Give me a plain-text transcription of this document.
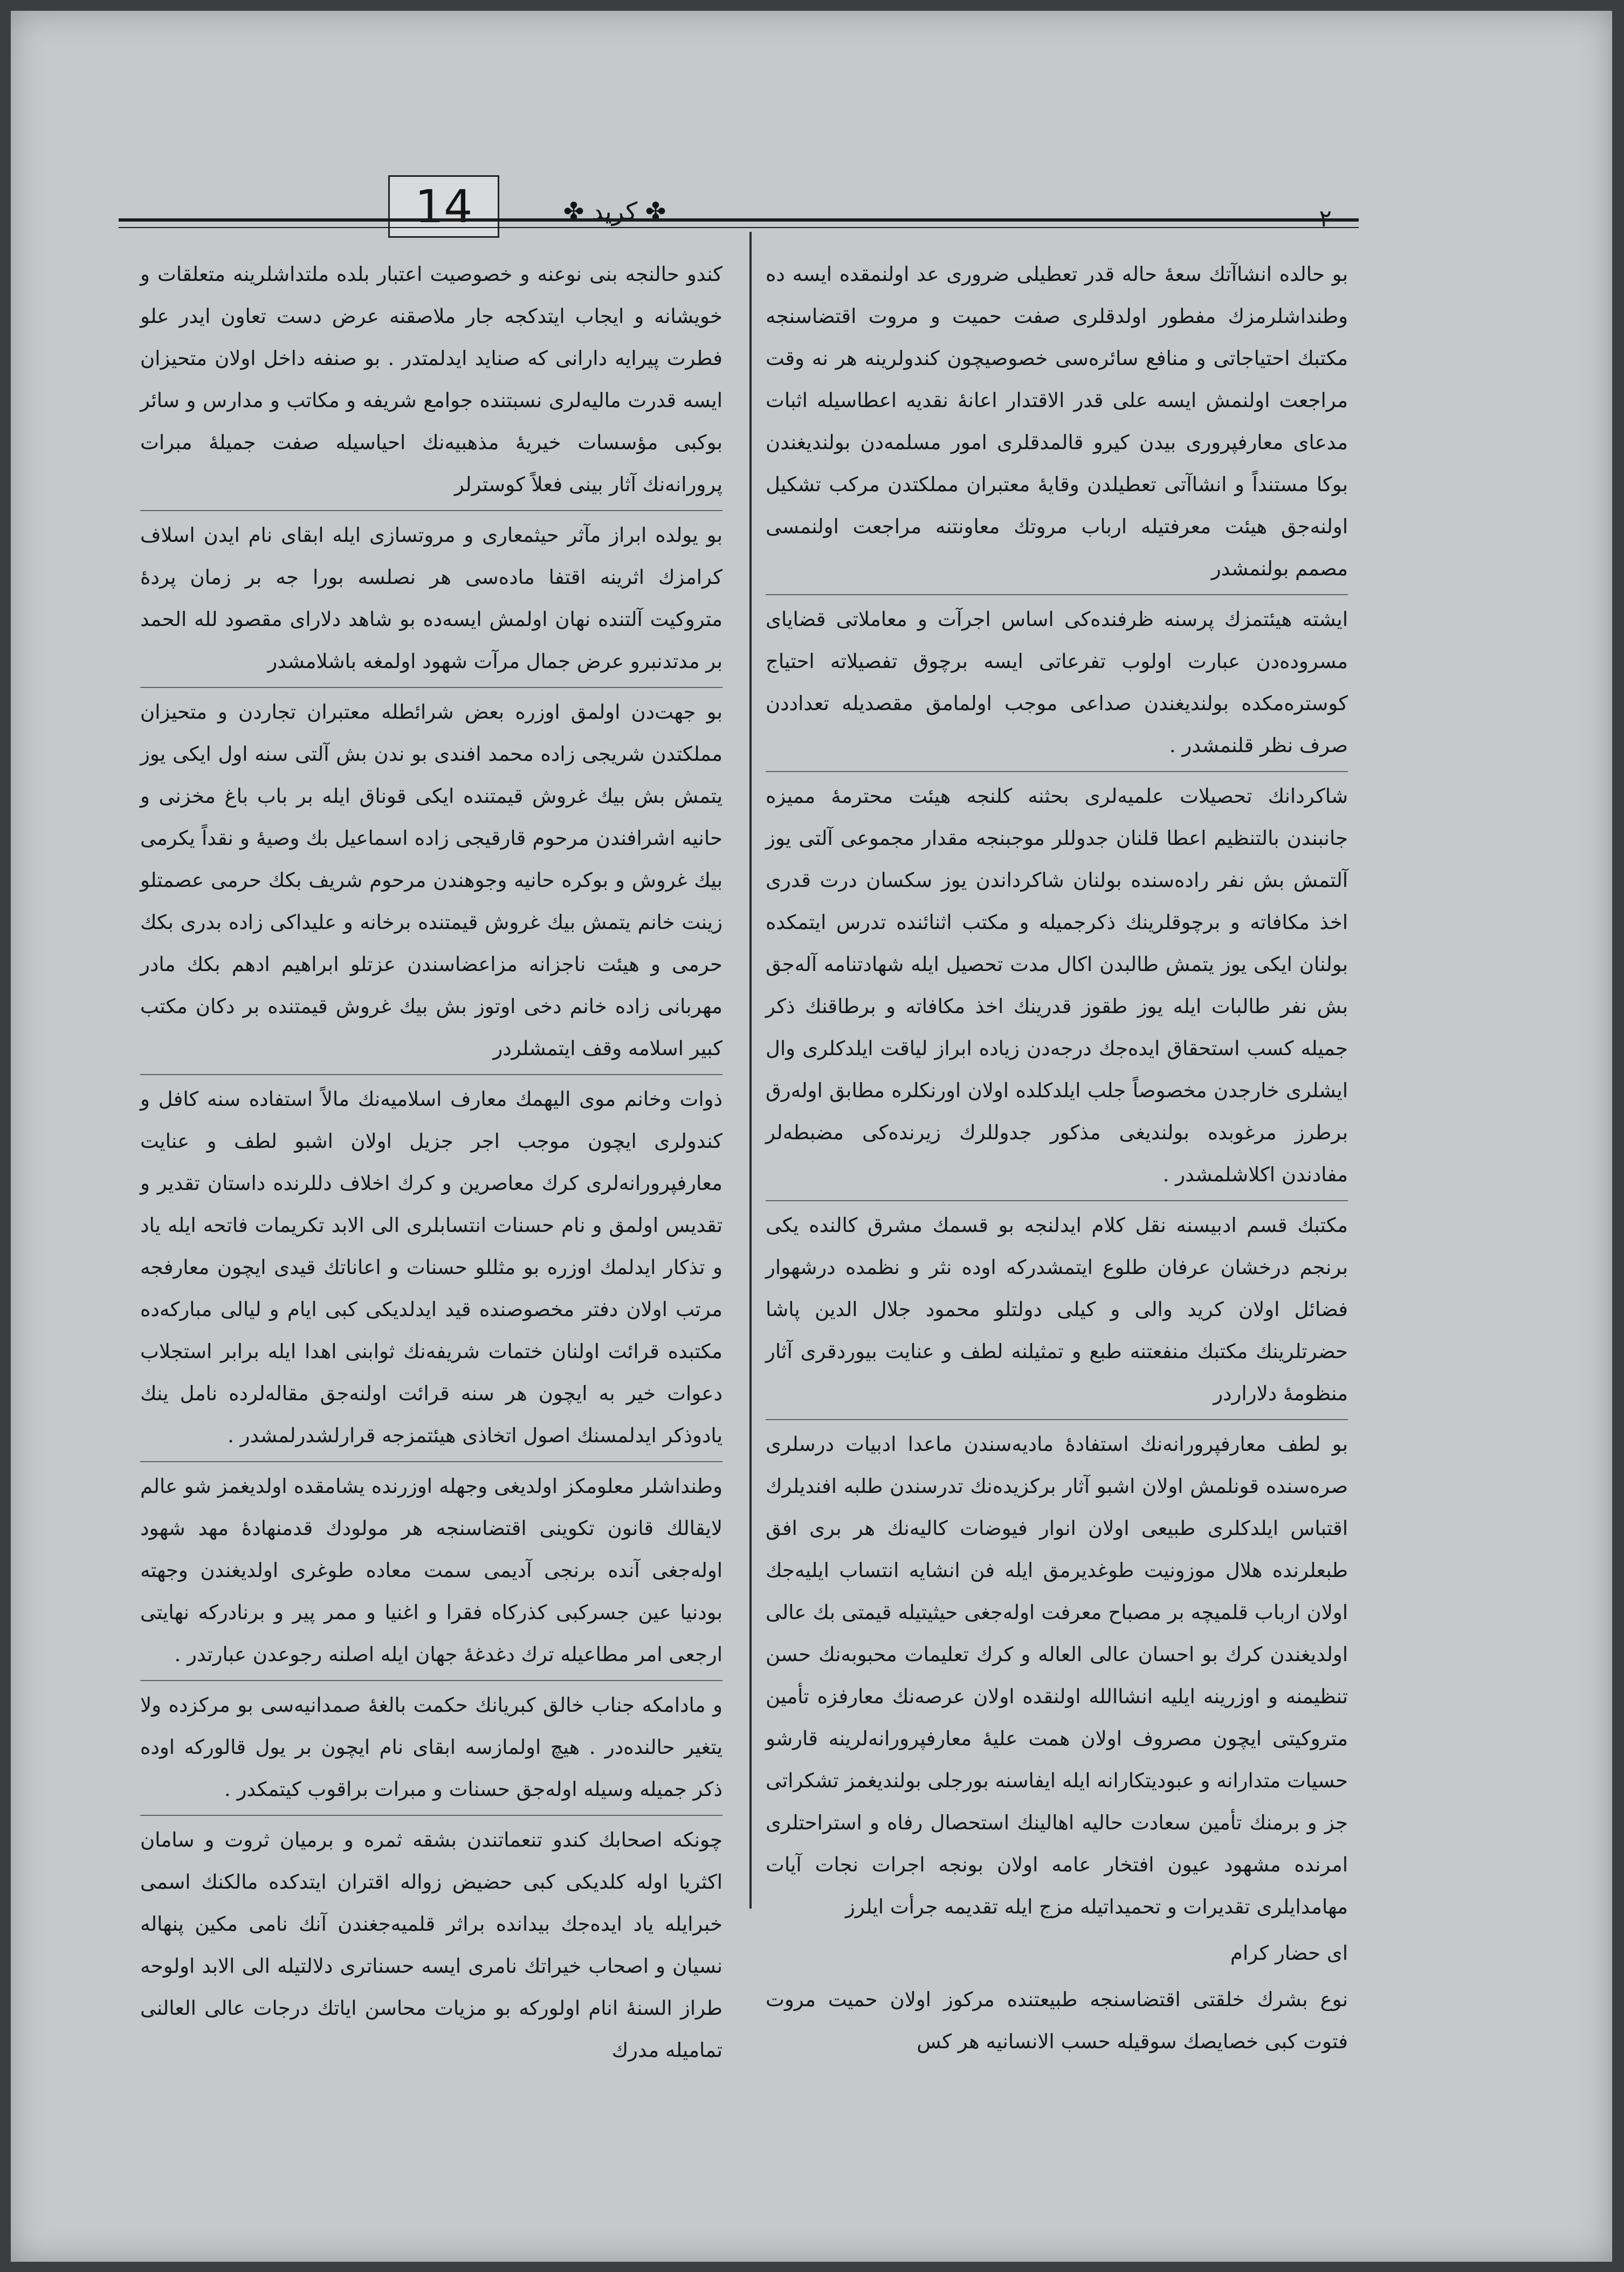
✤ کرید ✤	۲
14

بو حالده انشاآتك سعۀ حاله قدر تعطیلی ضروری عد اولنمقده ایسه ده وطنداشلرمزك مفطور اولدقلری صفت حمیت و مروت اقتضاسنجه مکتبك احتیاجاتی و منافع سائره‌سی خصوصیچون کندولرینه هر نه وقت مراجعت اولنمش ایسه علی قدر الاقتدار اعانۀ نقدیه اعطاسیله اثبات مدعای معارفپروری بیدن کیرو قالمدقلری امور مسلمه‌دن بولندیغندن بوکا مستنداً و انشاآتی تعطیلدن وقایۀ معتبران مملکتدن مرکب تشکیل اولنه‌جق هیئت معرفتیله ارباب مروتك معاونتنه مراجعت اولنمسی مصمم بولنمشدر

ایشته هیئتمزك پرسنه ظرفنده‌کی اساس اجرآت و معاملاتی قضایای مسروده‌دن عبارت اولوب تفرعاتی ایسه برچوق تفصیلاته احتیاج کوستره‌مکده بولندیغندن صداعی موجب اولمامق مقصدیله تعداددن صرف نظر قلنمشدر .

شاکردانك تحصیلات علمیه‌لری بحثنه کلنجه هیئت محترمۀ ممیزه جانبندن بالتنظیم اعطا قلنان جدوللر موجبنجه مقدار مجموعی آلتی یوز آلتمش بش نفر راده‌سنده بولنان شاکرداندن یوز سکسان درت قدری اخذ مکافاته و برچوقلرینك ذکرجمیله و مکتب اثنائنده تدرس ایتمکده بولنان ایکی یوز یتمش طالبدن اکال مدت تحصیل ایله شهادتنامه آله‌جق بش نفر طالبات ایله یوز طقوز قدرینك اخذ مکافاته و برطاقنك ذکر جمیله کسب استحقاق ایده‌جك درجه‌دن زیاده ابراز لیاقت ایلدکلری وال ایشلری خارجدن مخصوصاً جلب ایلدکلده اولان اورنکلره مطابق اوله‌رق برطرز مرغوبده بولندیغی مذکور جدوللرك زیرنده‌کی مضبطه‌لر مفادندن اکلاشلمشدر .

مکتبك قسم ادبیسنه نقل کلام ایدلنجه بو قسمك مشرق کالنده یکی برنجم درخشان عرفان طلوع ایتمشدرکه اوده نثر و نظمده درشهوار فضائل اولان کرید والی و کیلی دولتلو محمود جلال الدین پاشا حضرتلرینك مکتبك منفعتنه طبع و تمثیلنه لطف و عنایت بیوردقری آثار منظومۀ دلاراردر

بو لطف معارفپرورانه‌نك استفادۀ مادیه‌سندن ماعدا ادبیات درسلری صره‌سنده قونلمش اولان اشبو آثار برکزیده‌نك تدرسندن طلبه افندیلرك اقتباس ایلدکلری طبیعی اولان انوار فیوضات کالیه‌نك هر بری افق طبعلرنده هلال موزونیت طوغدیرمق ایله فن انشایه انتساب ایلیه‌جك اولان ارباب قلمیچه بر مصباح معرفت اوله‌جغی حیثیتیله قیمتی بك عالی اولدیغندن کرك بو احسان عالی العاله و کرك تعلیمات محبوبه‌نك حسن تنظیمنه و اوزرینه ایلیه انشاالله اولنقده اولان عرصه‌نك معارفزه تأمین متروکیتی ایچون مصروف اولان همت علیۀ معارفپرورانه‌لرینه قارشو حسیات متدارانه و عبودیتکارانه ایله ایفاسنه بورجلی بولندیغمز تشکراتی جز و برمنك تأمین سعادت حالیه اهالینك استحصال رفاه و استراحتلری امرنده مشهود عیون افتخار عامه اولان بونجه اجرات نجات آیات مهامدایلری تقدیرات و تحمیداتیله مزج ایله تقدیمه جرأت ایلرز

ای حضار کرام

نوع بشرك خلقتی اقتضاسنجه طبیعتنده مرکوز اولان حمیت مروت فتوت کبی خصایصك سوقیله حسب الانسانیه هر کس

کندو حالنجه بنی نوعنه و خصوصیت اعتبار بلده ملتداشلرینه متعلقات و خویشانه و ایجاب ایتدکجه جار ملاصقنه عرض دست تعاون ایدر علو فطرت پیرایه دارانی که صناید ایدلمتدر . بو صنفه داخل اولان متحیزان ایسه قدرت مالیه‌لری نسبتنده جوامع شریفه و مکاتب و مدارس و سائر بوکبی مؤسسات خیریۀ مذهبیه‌نك احیاسیله صفت جمیلۀ مبرات پرورانه‌نك آثار بینی فعلاً کوسترلر

بو یولده ابراز مآثر حیثمعاری و مروتسازی ایله ابقای نام ایدن اسلاف کرامزك اثرینه اقتفا ماده‌سی هر نصلسه بورا جه بر زمان پردۀ متروکیت آلتنده نهان اولمش ایسه‌ده بو شاهد دلارای مقصود لله الحمد بر مدتدنبرو عرض جمال مرآت شهود اولمغه باشلامشدر

بو جهت‌دن اولمق اوزره بعض شرائطله معتبران تجاردن و متحیزان مملکتدن شریجی زاده محمد افندی بو ندن بش آلتی سنه اول ایکی یوز یتمش بش بیك غروش قیمتنده ایکی قوناق ایله بر باب باغ مخزنی و حانیه اشرافندن مرحوم قارقیجی زاده اسماعیل بك وصیۀ و نقداً یکرمی بیك غروش و بوکره حانیه وجوهندن مرحوم شریف بکك حرمی عصمتلو زینت خانم یتمش بیك غروش قیمتنده برخانه و علیداکی زاده بدری بکك حرمی و هیئت ناجزانه مزاعضاسندن عزتلو ابراهیم ادهم بکك مادر مهربانی زاده خانم دخی اوتوز بش بیك غروش قیمتنده بر دکان مکتب کبیر اسلامه وقف ایتمشلردر

ذوات وخانم موی الیهمك معارف اسلامیه‌نك مالاً استفاده سنه کافل و کندولری ایچون موجب اجر جزیل اولان اشبو لطف و عنایت معارفپرورانه‌لری کرك معاصرین و کرك اخلاف دللرنده داستان تقدیر و تقدیس اولمق و نام حسنات انتسابلری الی الابد تکریمات فاتحه ایله یاد و تذکار ایدلمك اوزره بو مثللو حسنات و اعاناتك قیدی ایچون معارفجه مرتب اولان دفتر مخصوصنده قید ایدلدیکی کبی ایام و لیالی مبارکه‌ده مکتبده قرائت اولنان ختمات شریفه‌نك ثوابنی اهدا ایله برابر استجلاب دعوات خیر به ایچون هر سنه قرائت اولنه‌جق مقاله‌لرده نامل ینك یادوذکر ایدلمسنك اصول اتخاذی هیئتمزجه قرارلشدرلمشدر .

وطنداشلر معلومکز اولدیغی وجهله اوزرنده یشامقده اولدیغمز شو عالم لایقالك قانون تکوینی اقتضاسنجه هر مولودك قدمنهادۀ مهد شهود اوله‌جغی آنده برنجی آدیمی سمت معاده طوغری اولدیغندن وجهته بودنیا عین جسرکبی کذرکاه فقرا و اغنیا و ممر پیر و برنادرکه نهایتی ارجعی امر مطاعیله ترك دغدغۀ جهان ایله اصلنه رجوعدن عبارتدر .

و مادامکه جناب خالق کبریانك حکمت بالغۀ صمدانیه‌سی بو مرکزده ولا یتغیر حالنده‌در . هیچ اولمازسه ابقای نام ایچون بر یول قالورکه اوده ذکر جمیله وسیله اوله‌جق حسنات و مبرات براقوب کیتمکدر .

چونکه اصحابك کندو تنعماتندن بشقه ثمره و برمیان ثروت و سامان اکثریا اوله کلدیکی کبی حضیض زواله اقتران ایتدکده مالکنك اسمی خبرایله یاد ایده‌جك بیدانده براثر قلمیه‌جغندن آنك نامی مکین پنهاله نسیان و اصحاب خیراتك نامری ایسه حسناتری دلالتیله الی الابد اولوحه طراز السنۀ انام اولورکه بو مزیات محاسن ایاتك درجات عالی العالنی تمامیله مدرك
